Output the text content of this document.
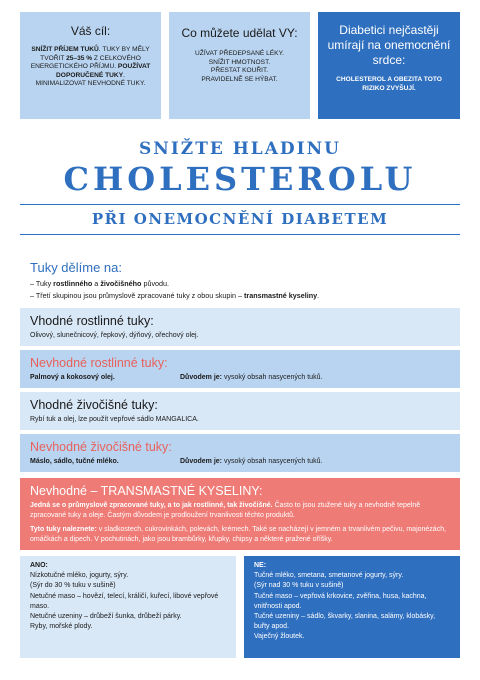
Váš cíl:
SNÍŽIT PŘÍJEM TUKŮ. TUKY BY MĚLY TVOŘIT 25–35 % Z CELKOVÉHO ENERGETICKÉHO PŘÍJMU. POUŽÍVAT DOPORUČENÉ TUKY. MINIMALIZOVAT NEVHODNÉ TUKY.
Co můžete udělat VY:
UŽÍVAT PŘEDEPSANÉ LÉKY.
SNÍŽIT HMOTNOST.
PŘESTAT KOUŘIT.
PRAVIDELNĚ SE HÝBAT.
Diabetici nejčastěji umírají na onemocnění srdce:
CHOLESTEROL A OBEZITA TOTO RIZIKO ZVYŠUJÍ.
SNIŽTE HLADINU
CHOLESTEROLU
PŘI ONEMOCNĚNÍ DIABETEM
Tuky dělíme na:
– Tuky rostlinného a živočišného původu.
– Třetí skupinou jsou průmyslově zpracované tuky z obou skupin – transmastné kyseliny.
Vhodné rostlinné tuky:
Olivový, slunečnicový, řepkový, dýňový, ořechový olej.
Nevhodné rostlinné tuky:
Palmový a kokosový olej.	Důvodem je: vysoký obsah nasycených tuků.
Vhodné živočišné tuky:
Rybí tuk a olej, lze použít vepřové sádlo MANGALICA.
Nevhodné živočišné tuky:
Máslo, sádlo, tučné mléko.	Důvodem je: vysoký obsah nasycených tuků.
Nevhodné – TRANSMASTNÉ KYSELINY:
Jedná se o průmyslově zpracované tuky, a to jak rostlinné, tak živočišné. Často to jsou ztužené tuky a nevhodně tepelně zpracované tuky a oleje. Častým důvodem je prodloužení trvanlivosti těchto produktů.
Tyto tuky naleznete: v sladkostech, cukrovinkách, polevách, krémech. Také se nacházejí v jemném a trvanlivém pečivu, majonézách, omáčkách a dipech. V pochutinách, jako jsou brambůrky, křupky, chipsy a některé pražené oříšky.
ANO:
Nízkotučné mléko, jogurty, sýry.
(Sýr do 30 % tuku v sušině)
Netučné maso – hovězí, telecí, králičí, kuřecí, libové vepřové maso.
Netučné uzeniny – drůbeží šunka, drůbeží párky.
Ryby, mořské plody.
NE:
Tučné mléko, smetana, smetanové jogurty, sýry.
(Sýr nad 30 % tuku v sušině)
Tučné maso – vepřová krkovice, zvěřina, husa, kachna, vnitřnosti apod.
Tučné uzeniny – sádlo, škvarky, slanina, salámy, klobásky, buřty apod.
Vaječný žloutek.
